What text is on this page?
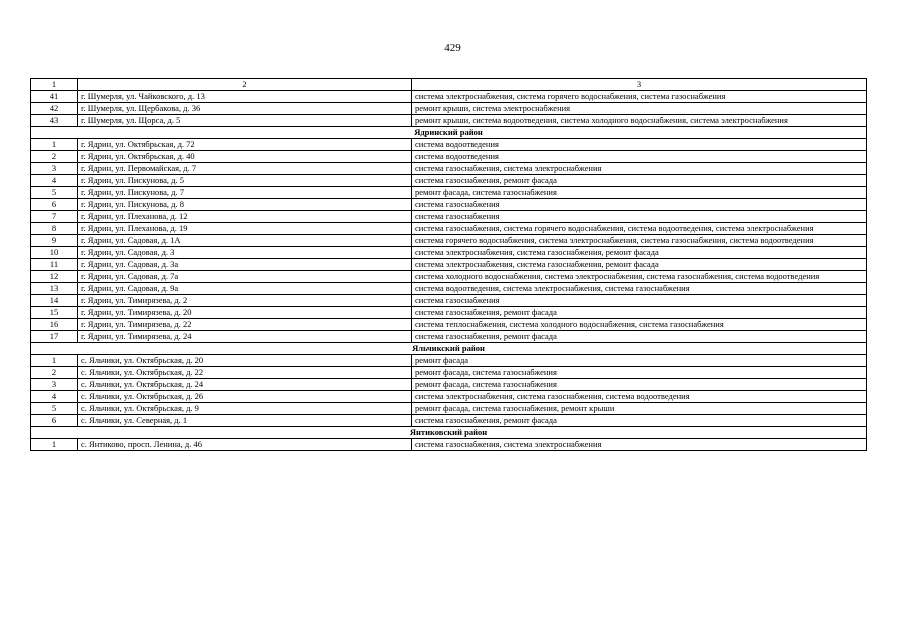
429
1	2	3
41	г. Шумерля, ул. Чайковского, д. 13	система электроснабжения, система горячего водоснабжения, система газоснабжения
42	г. Шумерля, ул. Щербакова, д. 36	ремонт крыши, система электроснабжения
43	г. Шумерля, ул. Щорса, д. 5	ремонт крыши, система водоотведения, система холодного водоснабжения, система электроснабжения
Ядринский район		
1	г. Ядрин, ул. Октябрьская, д. 72	система водоотведения
2	г. Ядрин, ул. Октябрьская, д. 40	система водоотведения
3	г. Ядрин, ул. Первомайская, д. 7	система газоснабжения, система электроснабжения
4	г. Ядрин, ул. Пискунова, д. 5	система газоснабжения, ремонт фасада
5	г. Ядрин, ул. Пискунова, д. 7	ремонт фасада, система газоснабжения
6	г. Ядрин, ул. Пискунова, д. 8	система газоснабжения
7	г. Ядрин, ул. Плеханова, д. 12	система газоснабжения
8	г. Ядрин, ул. Плеханова, д. 19	система газоснабжения, система горячего водоснабжения, система водоотведения, система электроснабжения
9	г. Ядрин, ул. Садовая, д. 1А	система горячего водоснабжения, система электроснабжения, система газоснабжения, система водоотведения
10	г. Ядрин, ул. Садовая, д. 3	система электроснабжения, система газоснабжения, ремонт фасада
11	г. Ядрин, ул. Садовая, д. 3а	система электроснабжения, система газоснабжения, ремонт фасада
12	г. Ядрин, ул. Садовая, д. 7а	система холодного водоснабжения, система электроснабжения, система газоснабжения, система водоотведения
13	г. Ядрин, ул. Садовая, д. 9а	система водоотведения, система электроснабжения, система газоснабжения
14	г. Ядрин, ул. Тимирязева, д. 2	система газоснабжения
15	г. Ядрин, ул. Тимирязева, д. 20	система газоснабжения, ремонт фасада
16	г. Ядрин, ул. Тимирязева, д. 22	система теплоснабжения, система холодного водоснабжения, система газоснабжения
17	г. Ядрин, ул. Тимирязева, д. 24	система газоснабжения, ремонт фасада
Яльчикский район		
1	с. Яльчики, ул. Октябрьская, д. 20	ремонт фасада
2	с. Яльчики, ул. Октябрьская, д. 22	ремонт фасада, система газоснабжения
3	с. Яльчики, ул. Октябрьская, д. 24	ремонт фасада, система газоснабжения
4	с. Яльчики, ул. Октябрьская, д. 26	система электроснабжения, система газоснабжения, система водоотведения
5	с. Яльчики, ул. Октябрьская, д. 9	ремонт фасада, система газоснабжения, ремонт крыши
6	с. Яльчики, ул. Северная, д. 1	система газоснабжения, ремонт фасада
Янтиковский район		
1	с. Янтиково, просп. Ленина, д. 46	система газоснабжения, система электроснабжения
